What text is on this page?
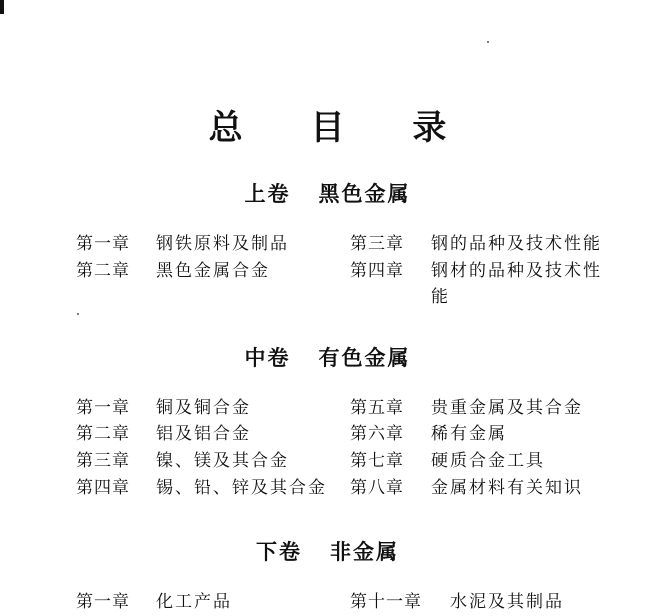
总 目 录
上卷 黑色金属
第一章 钢铁原料及制品
第二章 黑色金属合金
第三章 钢的品种及技术性能
第四章 钢材的品种及技术性能
中卷 有色金属
第一章 铜及铜合金
第二章 铝及铝合金
第三章 镍、镁及其合金
第四章 锡、铅、锌及其合金
第五章 贵重金属及其合金
第六章 稀有金属
第七章 硬质合金工具
第八章 金属材料有关知识
下卷 非金属
第一章 化工产品	第十一章 水泥及其制品
